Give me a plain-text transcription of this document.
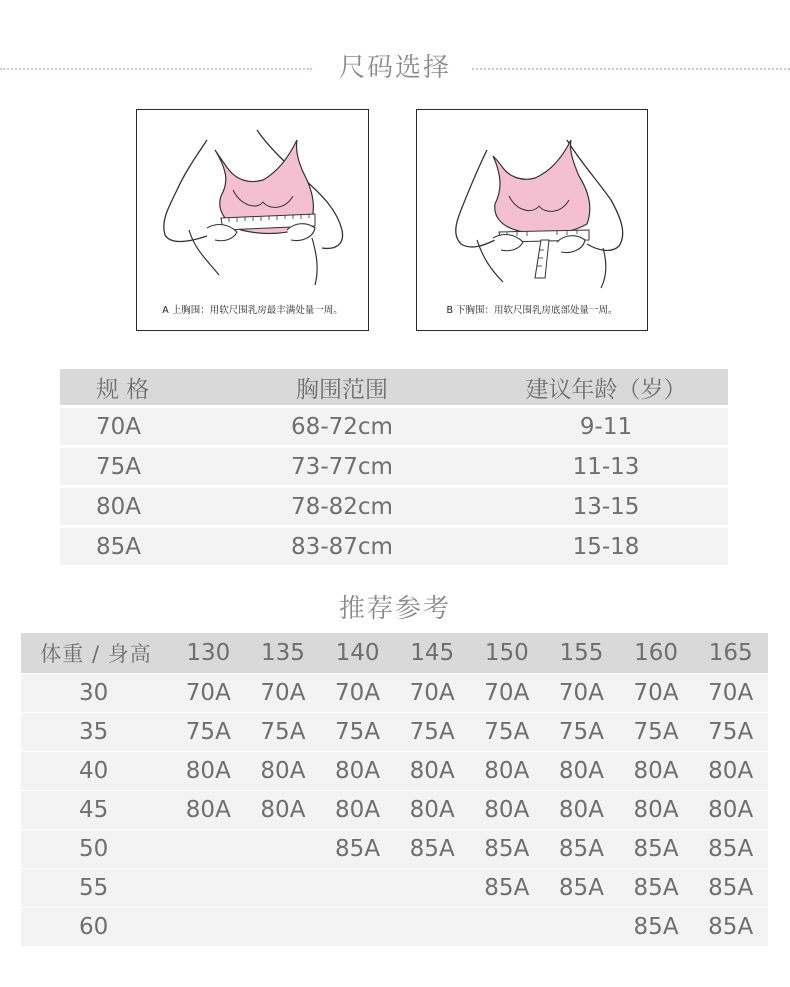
尺码选择
A 上胸围：用软尺围乳房最丰满处量一周。	B 下胸围：用软尺围乳房底部处量一周。
规 格	胸围范围	建议年龄（岁）
70A	68-72cm	9-11
75A	73-77cm	11-13
80A	78-82cm	13-15
85A	83-87cm	15-18
推荐参考
体重 / 身高	130	135	140	145	150	155	160	165
30	70A	70A	70A	70A	70A	70A	70A	70A
35	75A	75A	75A	75A	75A	75A	75A	75A
40	80A	80A	80A	80A	80A	80A	80A	80A
45	80A	80A	80A	80A	80A	80A	80A	80A
50			85A	85A	85A	85A	85A	85A
55					85A	85A	85A	85A
60							85A	85A
